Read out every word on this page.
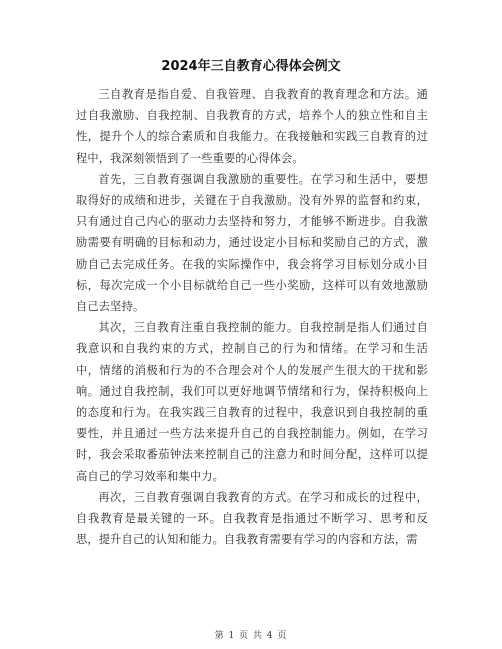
2024年三自教育心得体会例文

三自教育是指自爱、自我管理、自我教育的教育理念和方法。通过自我激励、自我控制、自我教育的方式，培养个人的独立性和自主性，提升个人的综合素质和自我能力。在我接触和实践三自教育的过程中，我深刻领悟到了一些重要的心得体会。

首先，三自教育强调自我激励的重要性。在学习和生活中，要想取得好的成绩和进步，关键在于自我激励。没有外界的监督和约束，只有通过自己内心的驱动力去坚持和努力，才能够不断进步。自我激励需要有明确的目标和动力，通过设定小目标和奖励自己的方式，激励自己去完成任务。在我的实际操作中，我会将学习目标划分成小目标，每次完成一个小目标就给自己一些小奖励，这样可以有效地激励自己去坚持。

其次，三自教育注重自我控制的能力。自我控制是指人们通过自我意识和自我约束的方式，控制自己的行为和情绪。在学习和生活中，情绪的消极和行为的不合理会对个人的发展产生很大的干扰和影响。通过自我控制，我们可以更好地调节情绪和行为，保持积极向上的态度和行为。在我实践三自教育的过程中，我意识到自我控制的重要性，并且通过一些方法来提升自己的自我控制能力。例如，在学习时，我会采取番茄钟法来控制自己的注意力和时间分配，这样可以提高自己的学习效率和集中力。

再次，三自教育强调自我教育的方式。在学习和成长的过程中，自我教育是最关键的一环。自我教育是指通过不断学习、思考和反思，提升自己的认知和能力。自我教育需要有学习的内容和方法，需

第 1 页 共 4 页
